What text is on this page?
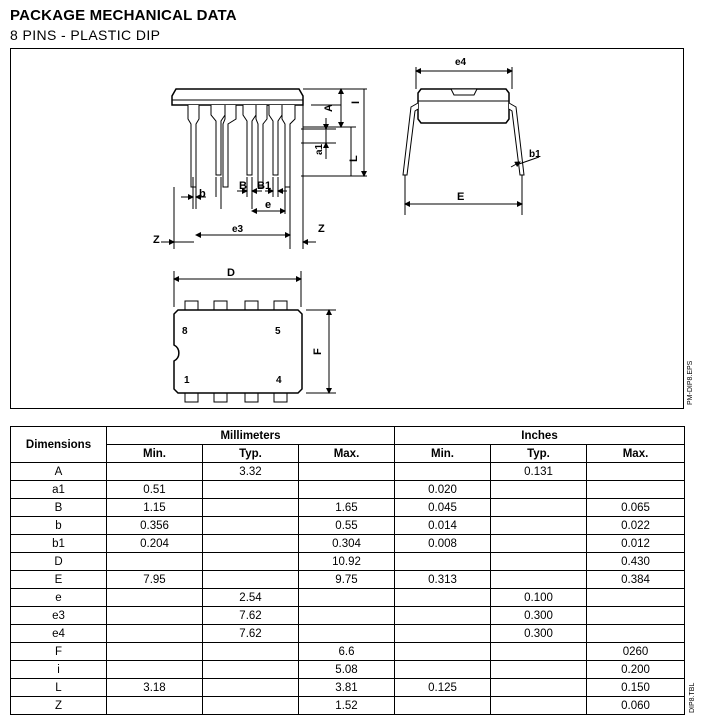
PACKAGE MECHANICAL DATA
8 PINS - PLASTIC DIP
A
I
a1
L
b
B B1
e
e3
Z
Z
e4
b1
E
D
F
8	5
1	4	PM-DIP8.EPS
Dimensions	Millimeters			Inches		
	Min.	Typ.	Max.	Min.	Typ.	Max.
A		3.32			0.131	
a1	0.51			0.020		
B	1.15		1.65	0.045		0.065
b	0.356		0.55	0.014		0.022
b1	0.204		0.304	0.008		0.012
D			10.92			0.430
E	7.95		9.75	0.313		0.384
e		2.54			0.100	
e3		7.62			0.300	
e4		7.62			0.300	
F			6.6			0260
i			5.08			0.200
L	3.18		3.81	0.125		0.150
Z			1.52			0.060	DIP8.TBL
